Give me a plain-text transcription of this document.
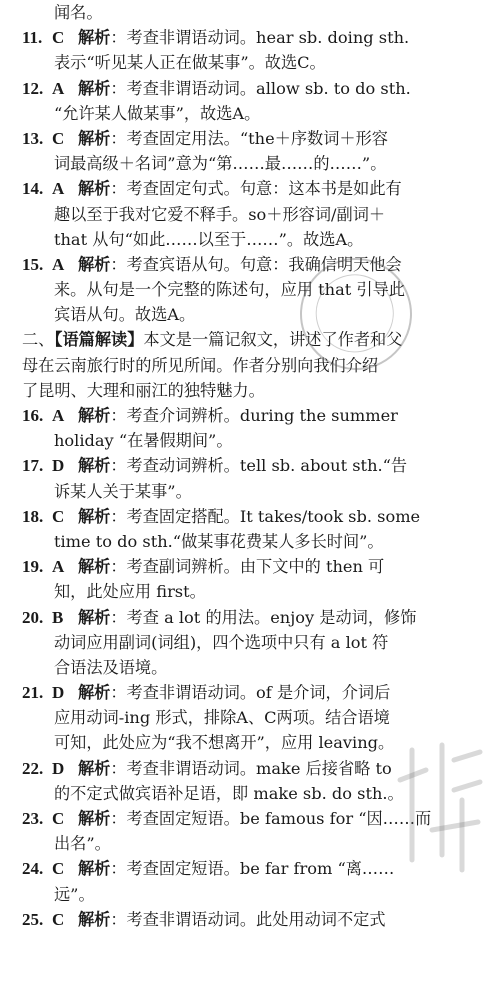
闻名。
11. C 解析：考查非谓语动词。hear sb. doing sth.
表示“听见某人正在做某事”。故选C。
12. A 解析：考查非谓语动词。allow sb. to do sth.
“允许某人做某事”，故选A。
13. C 解析：考查固定用法。“the＋序数词＋形容
词最高级＋名词”意为“第……最……的……”。
14. A 解析：考查固定句式。句意：这本书是如此有
趣以至于我对它爱不释手。so＋形容词/副词＋
that 从句“如此……以至于……”。故选A。
15. A 解析：考查宾语从句。句意：我确信明天他会
来。从句是一个完整的陈述句，应用 that 引导此
宾语从句。故选A。
二、【语篇解读】本文是一篇记叙文，讲述了作者和父
母在云南旅行时的所见所闻。作者分别向我们介绍
了昆明、大理和丽江的独特魅力。
16. A 解析：考查介词辨析。during the summer
holiday “在暑假期间”。
17. D 解析：考查动词辨析。tell sb. about sth.“告
诉某人关于某事”。
18. C 解析：考查固定搭配。It takes/took sb. some
time to do sth.“做某事花费某人多长时间”。
19. A 解析：考查副词辨析。由下文中的 then 可
知，此处应用 first。
20. B 解析：考查 a lot 的用法。enjoy 是动词，修饰
动词应用副词(词组)，四个选项中只有 a lot 符
合语法及语境。
21. D 解析：考查非谓语动词。of 是介词，介词后
应用动词-ing 形式，排除A、C两项。结合语境
可知，此处应为“我不想离开”，应用 leaving。
22. D 解析：考查非谓语动词。make 后接省略 to
的不定式做宾语补足语，即 make sb. do sth.。
23. C 解析：考查固定短语。be famous for “因……而
出名”。
24. C 解析：考查固定短语。be far from “离……
远”。
25. C 解析：考查非谓语动词。此处用动词不定式
